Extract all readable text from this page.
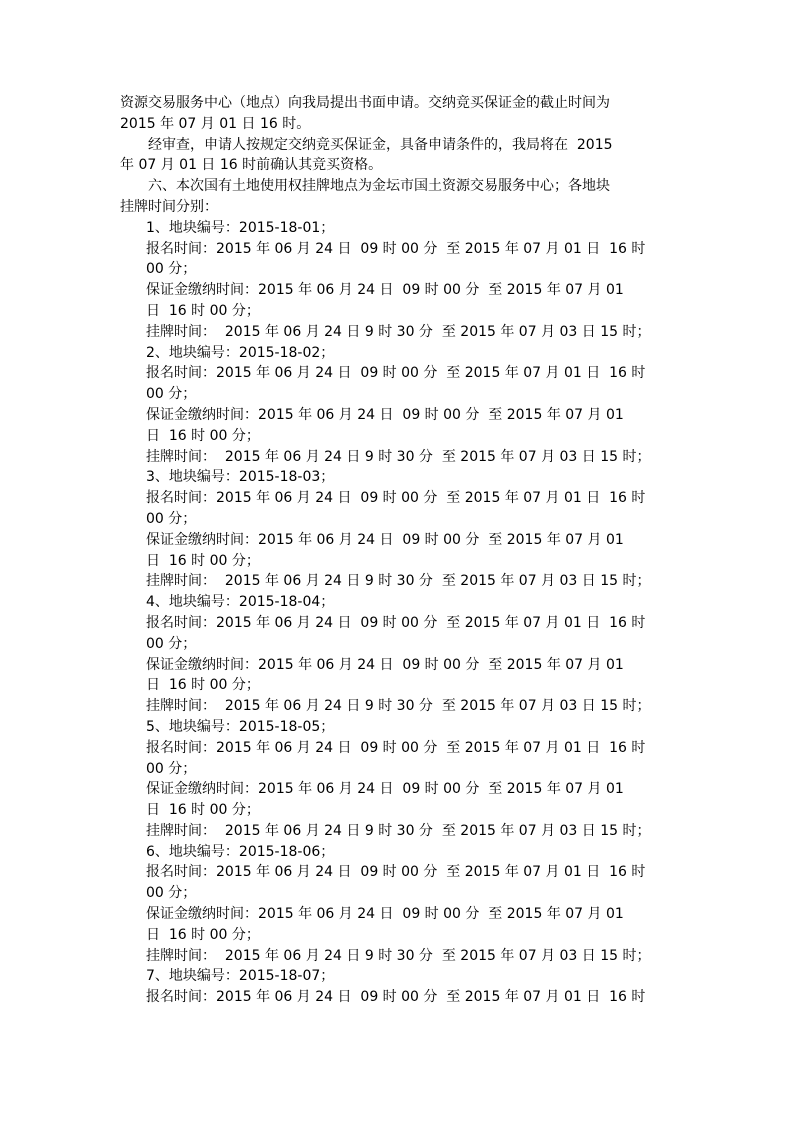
资源交易服务中心（地点）向我局提出书面申请。交纳竞买保证金的截止时间为
2015 年 07 月 01 日 16 时。
经审查，申请人按规定交纳竞买保证金，具备申请条件的，我局将在  2015
年 07 月 01 日 16 时前确认其竞买资格。
六、本次国有土地使用权挂牌地点为金坛市国土资源交易服务中心；各地块
挂牌时间分别：
1、地块编号：2015-18-01；
报名时间：2015 年 06 月 24 日  09 时 00 分  至 2015 年 07 月 01 日  16 时
00 分；
保证金缴纳时间：2015 年 06 月 24 日  09 时 00 分  至 2015 年 07 月 01
日  16 时 00 分；
挂牌时间：  2015 年 06 月 24 日 9 时 30 分  至 2015 年 07 月 03 日 15 时；
2、地块编号：2015-18-02；
报名时间：2015 年 06 月 24 日  09 时 00 分  至 2015 年 07 月 01 日  16 时
00 分；
保证金缴纳时间：2015 年 06 月 24 日  09 时 00 分  至 2015 年 07 月 01
日  16 时 00 分；
挂牌时间：  2015 年 06 月 24 日 9 时 30 分  至 2015 年 07 月 03 日 15 时；
3、地块编号：2015-18-03；
报名时间：2015 年 06 月 24 日  09 时 00 分  至 2015 年 07 月 01 日  16 时
00 分；
保证金缴纳时间：2015 年 06 月 24 日  09 时 00 分  至 2015 年 07 月 01
日  16 时 00 分；
挂牌时间：  2015 年 06 月 24 日 9 时 30 分  至 2015 年 07 月 03 日 15 时；
4、地块编号：2015-18-04；
报名时间：2015 年 06 月 24 日  09 时 00 分  至 2015 年 07 月 01 日  16 时
00 分；
保证金缴纳时间：2015 年 06 月 24 日  09 时 00 分  至 2015 年 07 月 01
日  16 时 00 分；
挂牌时间：  2015 年 06 月 24 日 9 时 30 分  至 2015 年 07 月 03 日 15 时；
5、地块编号：2015-18-05；
报名时间：2015 年 06 月 24 日  09 时 00 分  至 2015 年 07 月 01 日  16 时
00 分；
保证金缴纳时间：2015 年 06 月 24 日  09 时 00 分  至 2015 年 07 月 01
日  16 时 00 分；
挂牌时间：  2015 年 06 月 24 日 9 时 30 分  至 2015 年 07 月 03 日 15 时；
6、地块编号：2015-18-06；
报名时间：2015 年 06 月 24 日  09 时 00 分  至 2015 年 07 月 01 日  16 时
00 分；
保证金缴纳时间：2015 年 06 月 24 日  09 时 00 分  至 2015 年 07 月 01
日  16 时 00 分；
挂牌时间：  2015 年 06 月 24 日 9 时 30 分  至 2015 年 07 月 03 日 15 时；
7、地块编号：2015-18-07；
报名时间：2015 年 06 月 24 日  09 时 00 分  至 2015 年 07 月 01 日  16 时
